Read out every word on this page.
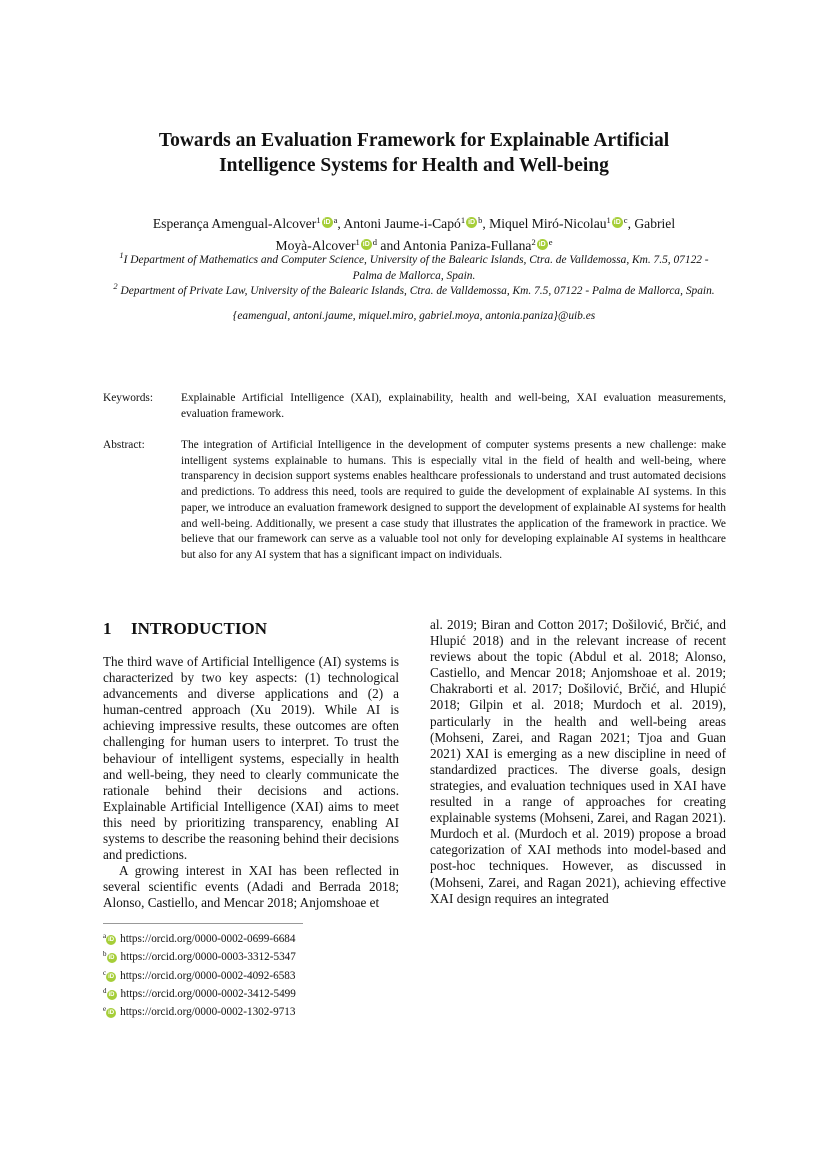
Towards an Evaluation Framework for Explainable Artificial
Intelligence Systems for Health and Well-being
Esperança Amengual-Alcover$^1$ iD $^a$, Antoni Jaume-i-Capó$^1$ iD $^b$, Miquel Miró-Nicolau$^1$ iD $^c$, Gabriel
Moyà-Alcover$^1$ iD $^d$ and Antonia Paniza-Fullana$^2$ iD $^e$
$^1$I Department of Mathematics and Computer Science, University of the Balearic Islands, Ctra. de Valldemossa, Km. 7.5, 07122 - Palma de Mallorca, Spain.
$^2$ Department of Private Law, University of the Balearic Islands, Ctra. de Valldemossa, Km. 7.5, 07122 - Palma de Mallorca, Spain.
{eamengual, antoni.jaume, miquel.miro, gabriel.moya, antonia.paniza}@uib.es
Keywords: Explainable Artificial Intelligence (XAI), explainability, health and well-being, XAI evaluation measurements, evaluation framework.
Abstract:	The integration of Artificial Intelligence in the development of computer systems presents a new challenge: make intelligent systems explainable to humans. This is especially vital in the field of health and well-being, where transparency in decision support systems enables healthcare professionals to understand and trust automated decisions and predictions. To address this need, tools are required to guide the development of explainable AI systems. In this paper, we introduce an evaluation framework designed to support the development of explainable AI systems for health and well-being. Additionally, we present a case study that illustrates the application of the framework in practice. We believe that our framework can serve as a valuable tool not only for developing explainable AI systems in healthcare but also for any AI system that has a significant impact on individuals.
1 INTRODUCTION

The third wave of Artificial Intelligence (AI) systems is characterized by two key aspects: (1) technological advancements and diverse applications and (2) a human-centred approach (Xu 2019). While AI is achieving impressive results, these outcomes are often challenging for human users to interpret. To trust the behaviour of intelligent systems, especially in health and well-being, they need to clearly communicate the rationale behind their decisions and actions. Explainable Artificial Intelligence (XAI) aims to meet this need by prioritizing transparency, enabling AI systems to describe the reasoning behind their decisions and predictions.

A growing interest in XAI has been reflected in several scientific events (Adadi and Berrada 2018; Alonso, Castiello, and Mencar 2018; Anjomshoae et

al. 2019; Biran and Cotton 2017; Došilović, Brčić, and Hlupić 2018) and in the relevant increase of recent reviews about the topic (Abdul et al. 2018; Alonso, Castiello, and Mencar 2018; Anjomshoae et al. 2019; Chakraborti et al. 2017; Došilović, Brčić, and Hlupić 2018; Gilpin et al. 2018; Murdoch et al. 2019), particularly in the health and well-being areas (Mohseni, Zarei, and Ragan 2021; Tjoa and Guan 2021) XAI is emerging as a new discipline in need of standardized practices. The diverse goals, design strategies, and evaluation techniques used in XAI have resulted in a range of approaches for creating explainable systems (Mohseni, Zarei, and Ragan 2021). Murdoch et al. (Murdoch et al. 2019) propose a broad categorization of XAI methods into model-based and post-hoc techniques. However, as discussed in (Mohseni, Zarei, and Ragan 2021), achieving effective XAI design requires an integrated

$^a$ iD https://orcid.org/0000-0002-0699-6684
$^b$ iD https://orcid.org/0000-0003-3312-5347
$^c$ iD https://orcid.org/0000-0002-4092-6583
$^d$ iD https://orcid.org/0000-0002-3412-5499
$^e$ iD https://orcid.org/0000-0002-1302-9713
